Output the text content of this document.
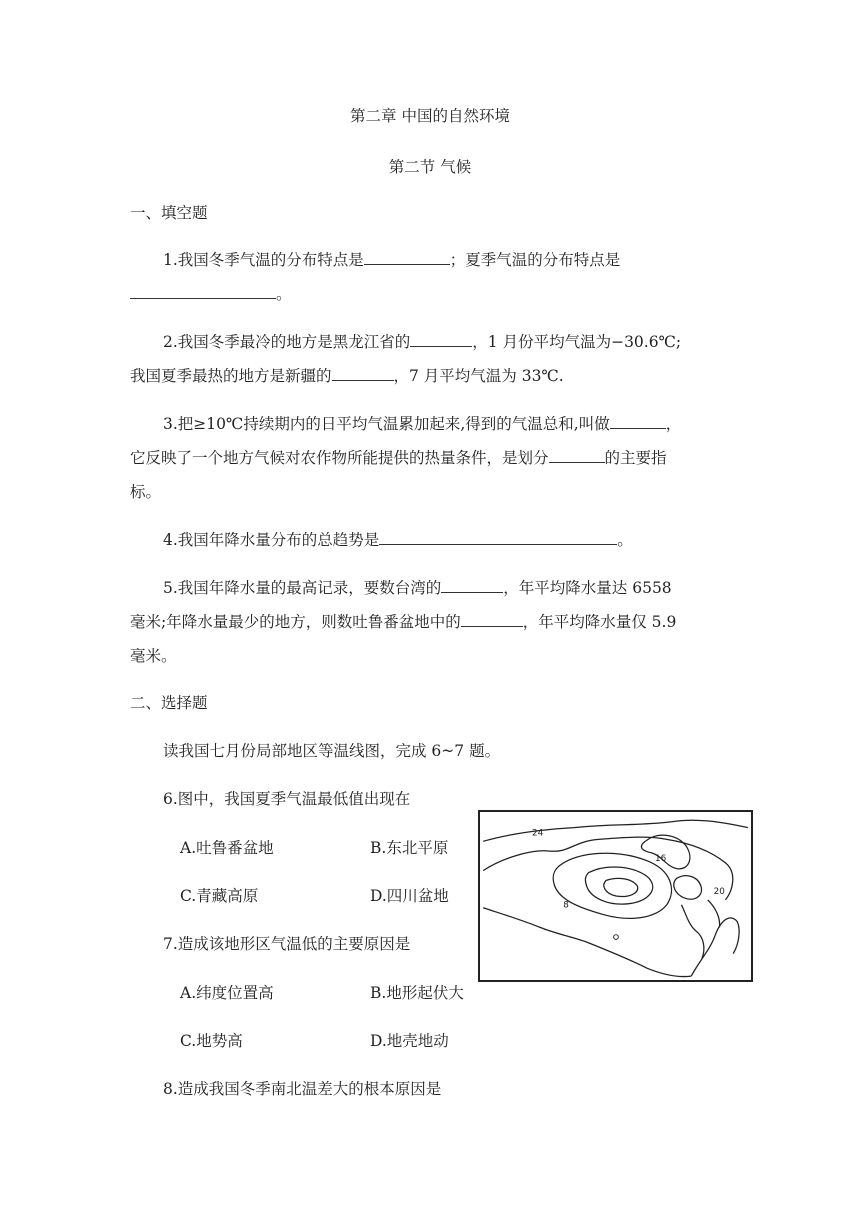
第二章 中国的自然环境
第二节 气候
一、填空题
1.我国冬季气温的分布特点是	；夏季气温的分布特点是
。
2.我国冬季最冷的地方是黑龙江省的	，1 月份平均气温为−30.6℃;
我国夏季最热的地方是新疆的	，7 月平均气温为 33℃.
3.把≥10℃持续期内的日平均气温累加起来,得到的气温总和,叫做	，
它反映了一个地方气候对农作物所能提供的热量条件，是划分	的主要指
标。
4.我国年降水量分布的总趋势是	。
5.我国年降水量的最高记录，要数台湾的	，年平均降水量达 6558
毫米;年降水量最少的地方，则数吐鲁番盆地中的	，年平均降水量仅 5.9
毫米。
二、选择题
读我国七月份局部地区等温线图，完成 6~7 题。
6.图中，我国夏季气温最低值出现在
A.吐鲁番盆地	B.东北平原
C.青藏高原	D.四川盆地
7.造成该地形区气温低的主要原因是
A.纬度位置高	B.地形起伏大
C.地势高	D.地壳地动
8.造成我国冬季南北温差大的根本原因是
24
16
8
20
